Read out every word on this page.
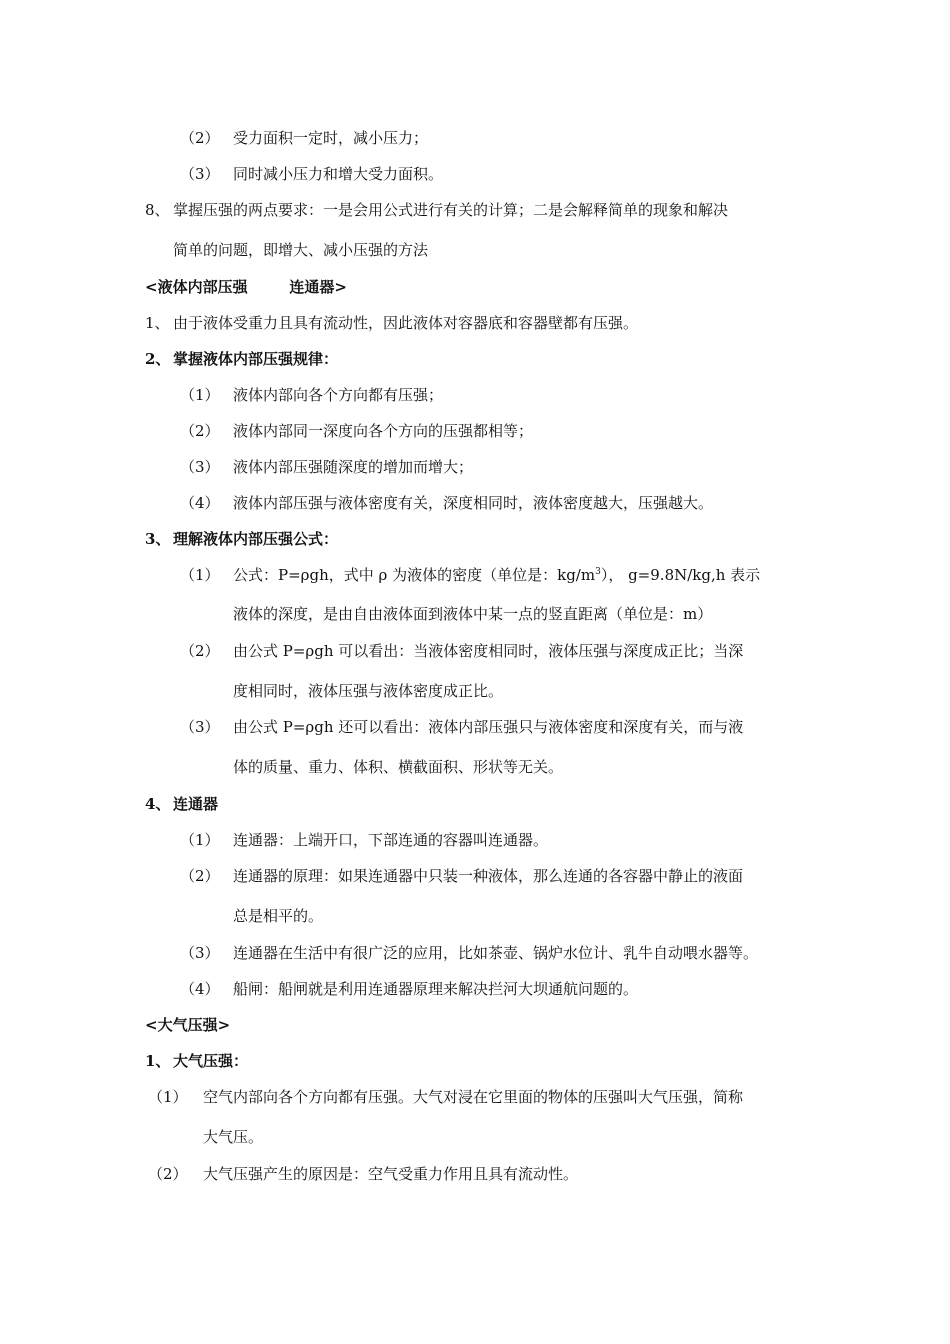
（2） 受力面积一定时，减小压力；
（3） 同时减小压力和增大受力面积。
8、 掌握压强的两点要求：一是会用公式进行有关的计算；二是会解释简单的现象和解决
简单的问题，即增大、减小压强的方法
<液体内部压强        连通器>
1、 由于液体受重力且具有流动性，因此液体对容器底和容器壁都有压强。
2、 掌握液体内部压强规律：
（1） 液体内部向各个方向都有压强；
（2） 液体内部同一深度向各个方向的压强都相等；
（3） 液体内部压强随深度的增加而增大；
（4） 液体内部压强与液体密度有关，深度相同时，液体密度越大，压强越大。
3、 理解液体内部压强公式：
（1） 公式：P=ρgh，式中 ρ 为液体的密度（单位是：$kg/m^3$）， g=9.8N/kg,h 表示
液体的深度，是由自由液体面到液体中某一点的竖直距离（单位是：m）
（2） 由公式 P=ρgh 可以看出：当液体密度相同时，液体压强与深度成正比；当深
度相同时，液体压强与液体密度成正比。
（3） 由公式 P=ρgh 还可以看出：液体内部压强只与液体密度和深度有关，而与液
体的质量、重力、体积、横截面积、形状等无关。
4、 连通器
（1） 连通器：上端开口，下部连通的容器叫连通器。
（2） 连通器的原理：如果连通器中只装一种液体，那么连通的各容器中静止的液面
总是相平的。
（3） 连通器在生活中有很广泛的应用，比如茶壶、锅炉水位计、乳牛自动喂水器等。
（4） 船闸：船闸就是利用连通器原理来解决拦河大坝通航问题的。
<大气压强>
1、 大气压强：
（1） 空气内部向各个方向都有压强。大气对浸在它里面的物体的压强叫大气压强，简称
大气压。
（2） 大气压强产生的原因是：空气受重力作用且具有流动性。
